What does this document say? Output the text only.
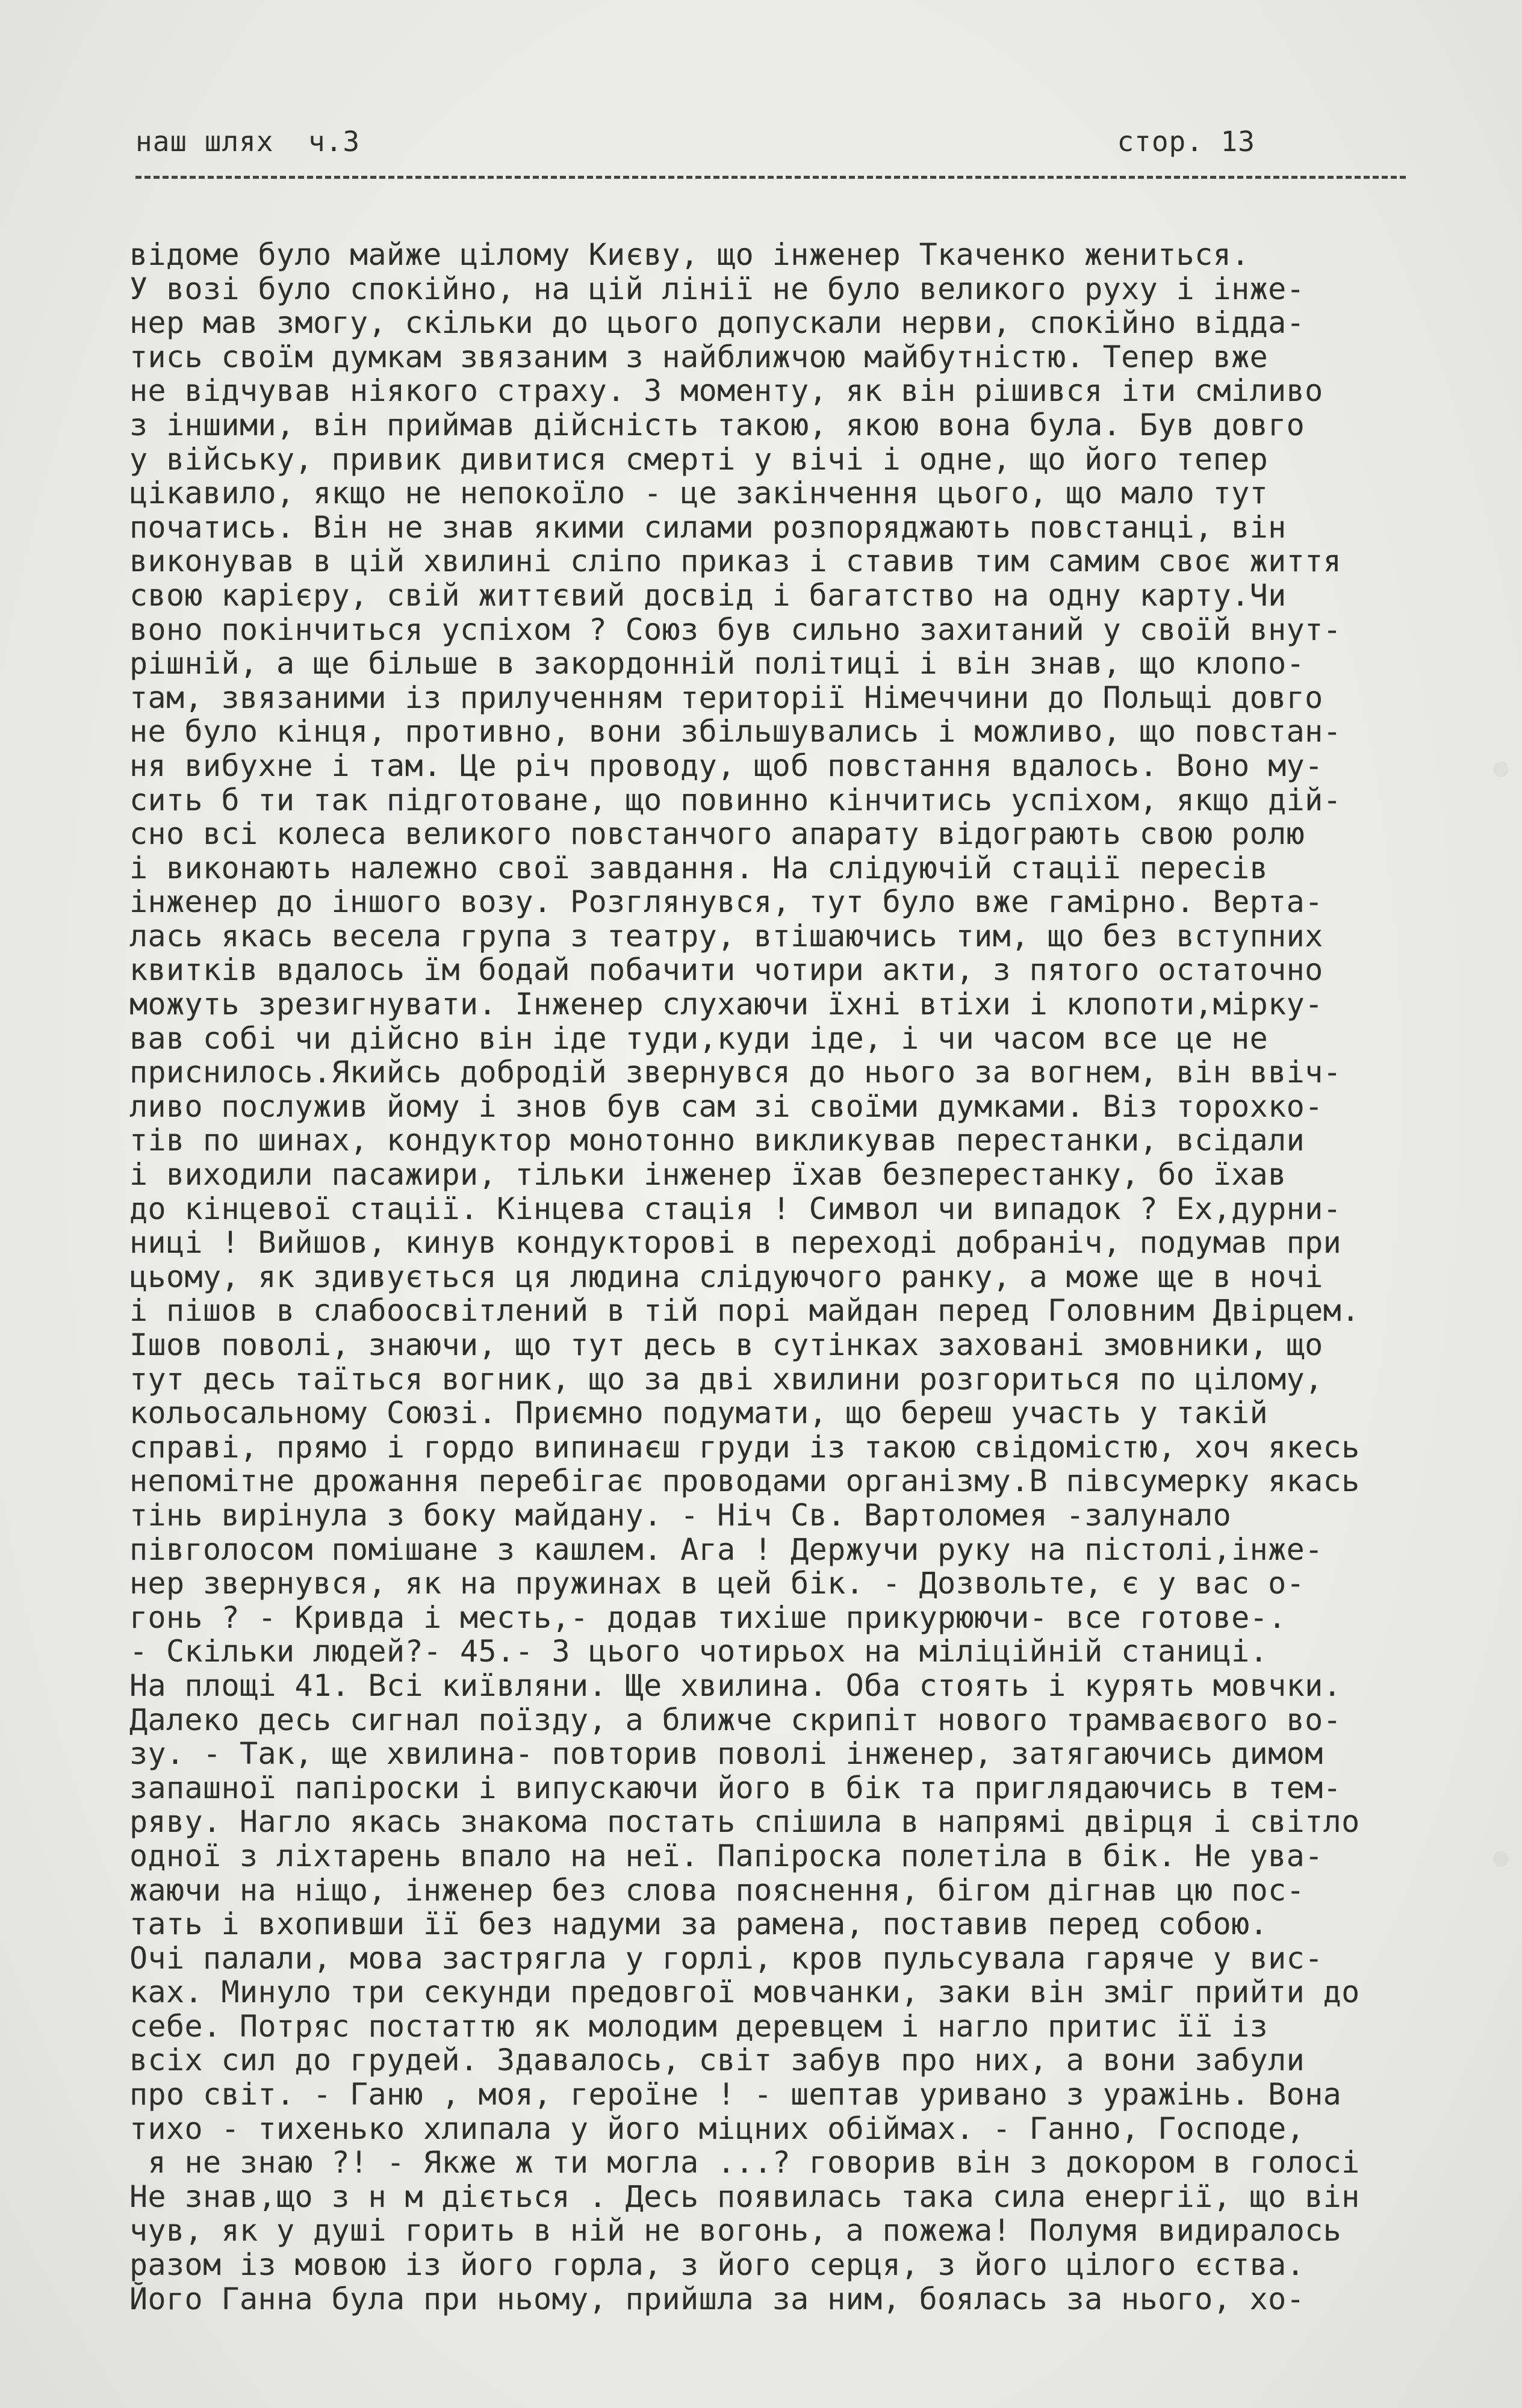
наш шлях  ч.3	стор. 13
відоме було майже цілому Києву, що інженер Ткаченко жениться.
У возі було спокійно, на цій лінії не було великого руху і інже-
нер мав змогу, скільки до цього допускали нерви, спокійно відда-
тись своїм думкам звязаним з найближчою майбутністю. Тепер вже
не відчував ніякого страху. З моменту, як він рішився іти сміливо
з іншими, він приймав дійсність такою, якою вона була. Був довго
у війську, привик дивитися смерті у вічі і одне, що його тепер
цікавило, якщо не непокоїло - це закінчення цього, що мало тут
початись. Він не знав якими силами розпоряджають повстанці, він
виконував в цій хвилині сліпо приказ і ставив тим самим своє життя
свою карієру, свій життєвий досвід і багатство на одну карту.Чи
воно покінчиться успіхом ? Союз був сильно захитаний у своїй внут-
рішній, а ще більше в закордонній політиці і він знав, що клопо-
там, звязаними із прилученням території Німеччини до Польщі довго
не було кінця, противно, вони збільшувались і можливо, що повстан-
ня вибухне і там. Це річ проводу, щоб повстання вдалось. Воно му-
сить б ти так підготоване, що повинно кінчитись успіхом, якщо дій-
сно всі колеса великого повстанчого апарату відограють свою ролю
і виконають належно свої завдання. На слідуючій стації пересів
інженер до іншого возу. Розглянувся, тут було вже гамірно. Верта-
лась якась весела група з театру, втішаючись тим, що без вступних
квитків вдалось їм бодай побачити чотири акти, з пятого остаточно
можуть зрезигнувати. Інженер слухаючи їхні втіхи і клопоти,мірку-
вав собі чи дійсно він іде туди,куди іде, і чи часом все це не
приснилось.Якийсь добродій звернувся до нього за вогнем, він ввіч-
ливо послужив йому і знов був сам зі своїми думками. Віз торохко-
тів по шинах, кондуктор монотонно викликував перестанки, всідали
і виходили пасажири, тільки інженер їхав безперестанку, бо їхав
до кінцевої стації. Кінцева стація ! Символ чи випадок ? Ех,дурни-
ниці ! Вийшов, кинув кондукторові в переході добраніч, подумав при
цьому, як здивується ця людина слідуючого ранку, а може ще в ночі
і пішов в слабоосвітлений в тій порі майдан перед Головним Двірцем.
Ішов поволі, знаючи, що тут десь в сутінках заховані змовники, що
тут десь таїться вогник, що за дві хвилини розгориться по цілому,
кольосальному Союзі. Приємно подумати, що береш участь у такій
справі, прямо і гордо випинаєш груди із такою свідомістю, хоч якесь
непомітне дрожання перебігає проводами організму.В півсумерку якась
тінь вирінула з боку майдану. - Ніч Св. Вартоломея -залунало
півголосом помішане з кашлем. Ага ! Держучи руку на пістолі,інже-
нер звернувся, як на пружинах в цей бік. - Дозвольте, є у вас о-
гонь ? - Кривда і месть,- додав тихіше прикурюючи- все готове-.
- Скільки людей?- 45.- З цього чотирьох на міліційній станиці.
На площі 41. Всі київляни. Ще хвилина. Оба стоять і курять мовчки.
Далеко десь сигнал поїзду, а ближче скрипіт нового трамваєвого во-
зу. - Так, ще хвилина- повторив поволі інженер, затягаючись димом
запашної папіроски і випускаючи його в бік та приглядаючись в тем-
ряву. Нагло якась знакома постать спішила в напрямі двірця і світло
одної з ліхтарень впало на неї. Папіроска полетіла в бік. Не ува-
жаючи на ніщо, інженер без слова пояснення, бігом дігнав цю пос-
тать і вхопивши її без надуми за рамена, поставив перед собою.
Очі палали, мова застрягла у горлі, кров пульсувала гаряче у вис-
ках. Минуло три секунди предовгої мовчанки, заки він зміг прийти до
себе. Потряс постаттю як молодим деревцем і нагло притис її із
всіх сил до грудей. Здавалось, світ забув про них, а вони забули
про світ. - Ганю , моя, героїне ! - шептав уривано з уражінь. Вона
тихо - тихенько хлипала у його міцних обіймах. - Ганно, Господе,
я не знаю ?! - Якже ж ти могла ...? говорив він з докором в голосі
Не знав,що з н м діється . Десь появилась така сила енергії, що він
чув, як у душі горить в ній не вогонь, а пожежа! Полумя видиралось
разом із мовою із його горла, з його серця, з його цілого єства.
Його Ганна була при ньому, прийшла за ним, боялась за нього, хо-
